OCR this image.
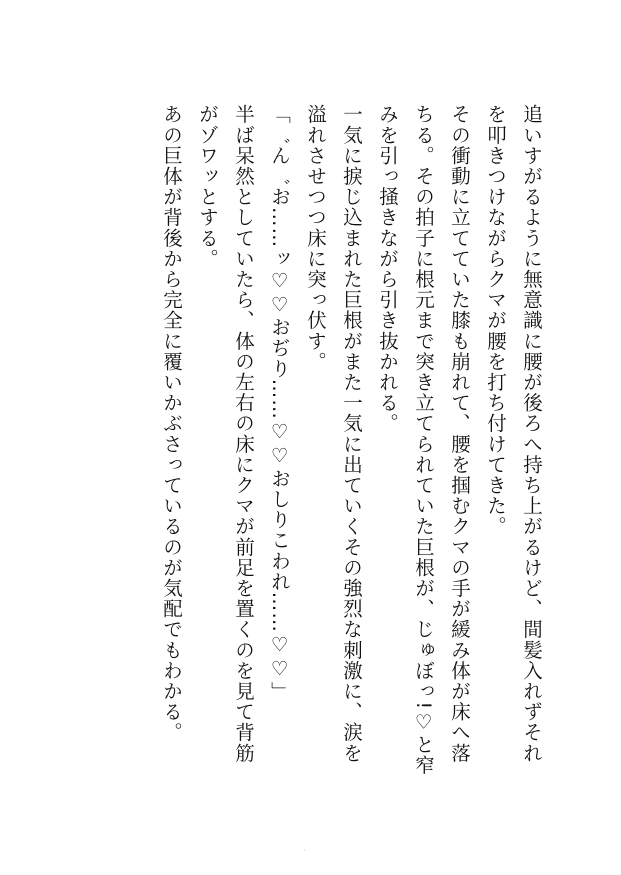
追いすがるように無意識に腰が後ろへ持ち上がるけど、間髪入れずそれ
を叩きつけながらクマが腰を打ち付けてきた。
その衝動に立てていた膝も崩れて、腰を掴むクマの手が緩み体が床へ落
ちる。その拍子に根元まで突き立てられていた巨根が、じゅぼっ!♡と窄
みを引っ掻きながら引き抜かれる。
一気に捩じ込まれた巨根がまた一気に出ていくその強烈な刺激に、涙を
溢れさせつつ床に突っ伏す。
「゛ん゛お……ッ♡♡おぢり……♡♡おしりこわれ……♡♡」
半ば呆然としていたら、体の左右の床にクマが前足を置くのを見て背筋
がゾワッとする。
あの巨体が背後から完全に覆いかぶさっているのが気配でもわかる。
·
